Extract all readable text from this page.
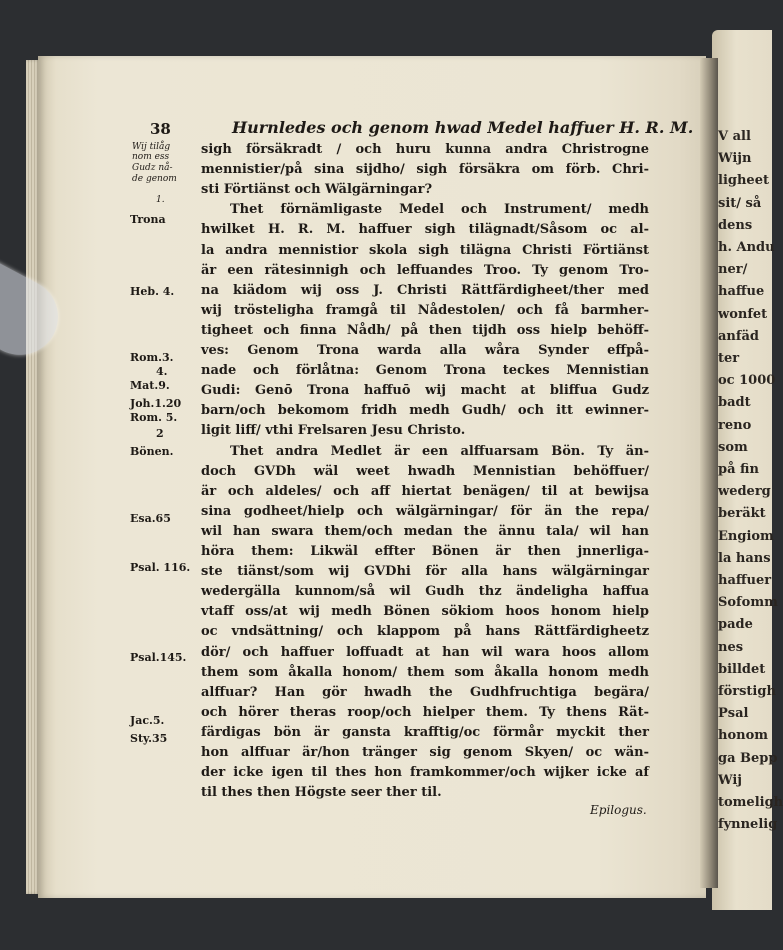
V all
Wijn
ligheet
sit/ så
dens
h. Andu
ner/
haffue
wonfet
anfäd
ter
oc 1000
badt
reno
som
på fin
wederg
beräkt
Engiom
la hans
haffuer
Sofomm
pade
nes
billdet
förstigh
Psal
honom
ga Bepp
Wij
tomeligh
fynnelig
38	Hurnledes och genom hwad Medel haffuer H. R. M.
Wij tilåg
nom ess
Gudz nå-
de genom
1.
Trona
Heb. 4.
Rom.3.
4.
Mat.9.
Joh.1.20
Rom. 5.
2
Bönen.
Esa.65
Psal. 116.
Psal.145.
Jac.5.
Sty.35
sigh försäkradt / och huru kunna andra Christrogne
mennistier/på sina sijdho/ sigh försäkra om förb. Chri-
sti Förtiänst och Wälgärningar?
Thet förnämligaste Medel och Instrument/ medh
hwilket H. R. M. haffuer sigh tilägnadt/Såsom oc al-
la andra mennistior skola sigh tilägna Christi Förtiänst
är een rätesinnigh och leffuandes Troo. Ty genom Tro-
na kiädom wij oss J. Christi Rättfärdigheet/ther med
wij tröstelighа framgå til Nådestolen/ och få barmher-
tigheet och finna Nådh/ på then tijdh oss hielp behöff-
ves: Genom Trona warda alla wåra Synder effpå-
nade och förlåtna: Genom Trona teckes Mennistian
Gudi: Genō Trona haffuō wij macht at bliffua Gudz
barn/och bekomom fridh medh Gudh/ och itt ewinner-
ligit liff/ vthi Frelsaren Jesu Christo.
Thet andra Medlet är een alffuarsam Bön. Ty än-
doch GVDh wäl weet hwadh Mennistian behöffuer/
är och aldeles/ och aff hiertat benägen/ til at bewijsa
sina godheet/hielp och wälgärningar/ för än the repa/
wil han swara them/och medan the ännu tala/ wil han
höra them: Likwäl effter Bönen är then jnnerliga-
ste tiänst/som wij GVDhi för alla hans wälgärningar
wedergälla kunnom/så wil Gudh thz ändeligha haffua
vtaff oss/at wij medh Bönen sökiom hoos honom hielp
oc vndsättning/ och klappom på hans Rättfärdigheetz
dör/ och haffuer loffuadt at han wil wara hoos allom
them som åkalla honom/ them som åkalla honom medh
alffuar? Han gör hwadh the Gudhfruchtiga begära/
och hörer theras roop/och hielper them. Ty thens Rät-
färdigas bön är gansta krafftig/oc förmår myckit ther
hon alffuar är/hon tränger sig genom Skyen/ oc wän-
der icke igen til thes hon framkommer/och wijker icke af
til thes then Högste seer ther til.
Epilogus.
